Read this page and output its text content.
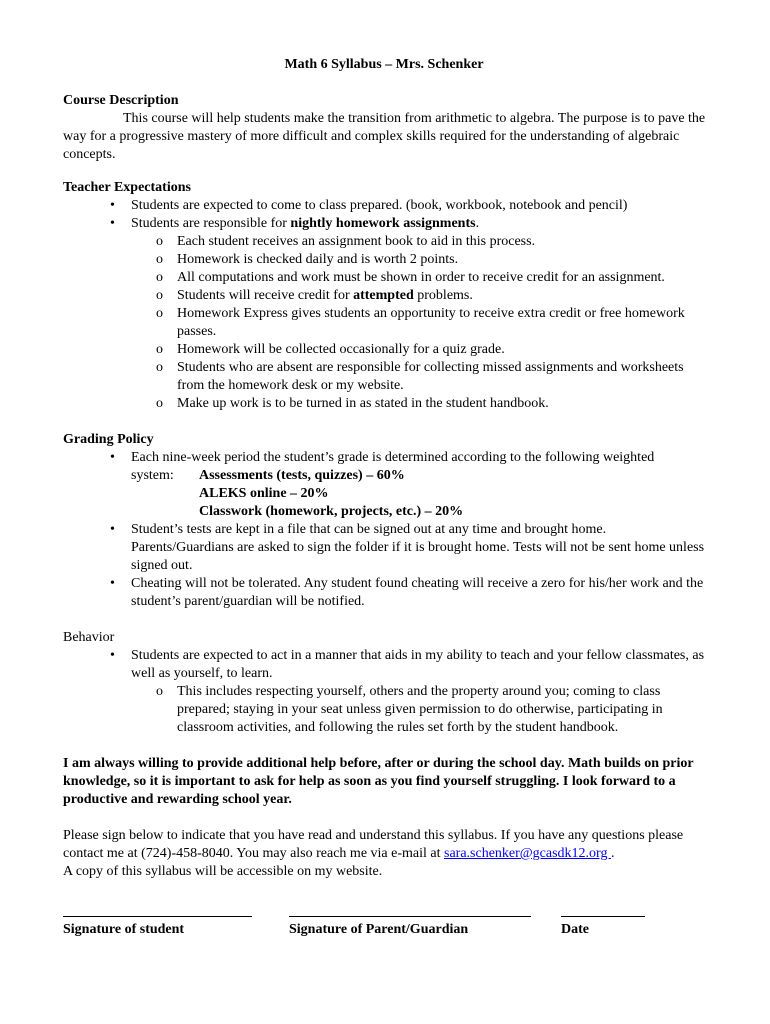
Math 6 Syllabus – Mrs. Schenker
Course Description
This course will help students make the transition from arithmetic to algebra. The purpose is to pave the way for a progressive mastery of more difficult and complex skills required for the understanding of algebraic concepts.
Teacher Expectations
• Students are expected to come to class prepared. (book, workbook, notebook and pencil)
• Students are responsible for nightly homework assignments.
o Each student receives an assignment book to aid in this process.
o Homework is checked daily and is worth 2 points.
o All computations and work must be shown in order to receive credit for an assignment.
o Students will receive credit for attempted problems.
o Homework Express gives students an opportunity to receive extra credit or free homework passes.
o Homework will be collected occasionally for a quiz grade.
o Students who are absent are responsible for collecting missed assignments and worksheets from the homework desk or my website.
o Make up work is to be turned in as stated in the student handbook.
Grading Policy
• Each nine-week period the student’s grade is determined according to the following weighted
system:	Assessments (tests, quizzes) – 60%
ALEKS online – 20%
Classwork (homework, projects, etc.) – 20%
• Student’s tests are kept in a file that can be signed out at any time and brought home. Parents/Guardians are asked to sign the folder if it is brought home. Tests will not be sent home unless signed out.
• Cheating will not be tolerated. Any student found cheating will receive a zero for his/her work and the student’s parent/guardian will be notified.
Behavior
• Students are expected to act in a manner that aids in my ability to teach and your fellow classmates, as well as yourself, to learn.
o This includes respecting yourself, others and the property around you; coming to class prepared; staying in your seat unless given permission to do otherwise, participating in classroom activities, and following the rules set forth by the student handbook.
I am always willing to provide additional help before, after or during the school day. Math builds on prior knowledge, so it is important to ask for help as soon as you find yourself struggling. I look forward to a productive and rewarding school year.
Please sign below to indicate that you have read and understand this syllabus. If you have any questions please contact me at (724)-458-8040. You may also reach me via e-mail at sara.schenker@gcasdk12.org .
A copy of this syllabus will be accessible on my website.
Signature of student	Signature of Parent/Guardian	Date
